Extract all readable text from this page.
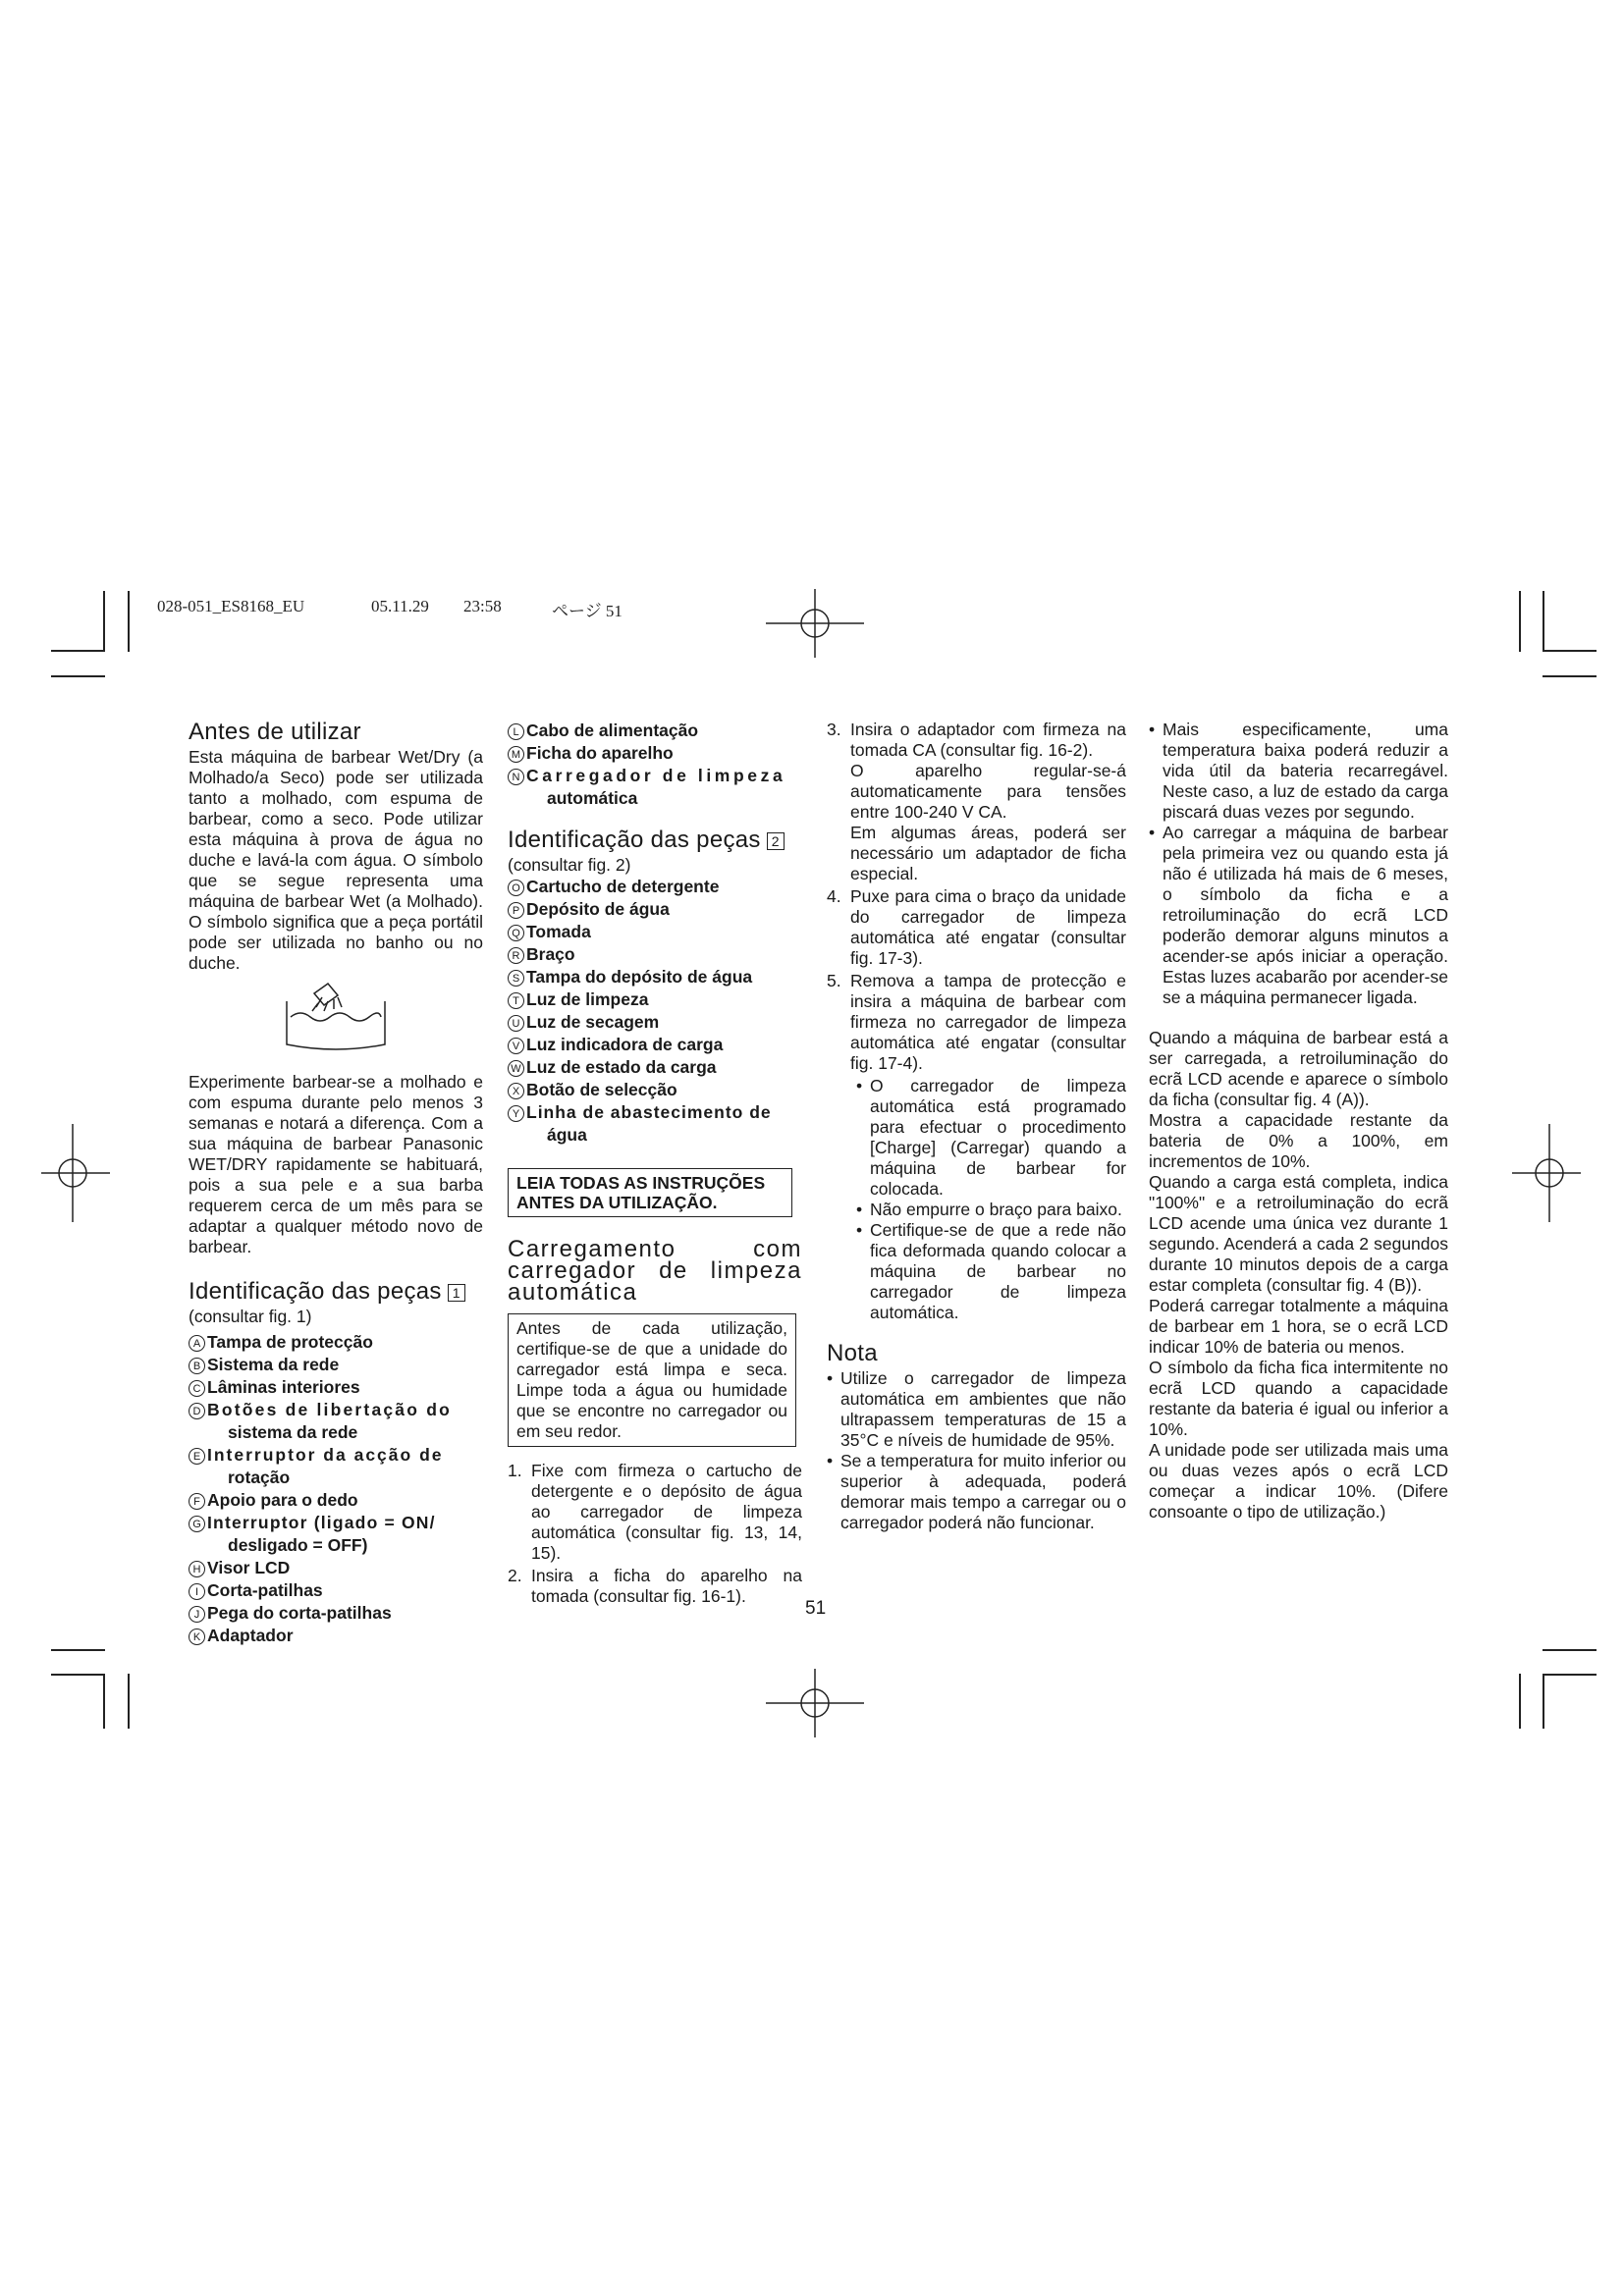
028-051_ES8168_EU	05.11.29 23:58	ページ 51
Antes de utilizar

Esta máquina de barbear Wet/Dry (a Molhado/a Seco) pode ser utilizada tanto a molhado, com espuma de barbear, como a seco. Pode utilizar esta máquina à prova de água no duche e lavá-la com água. O símbolo que se segue representa uma máquina de barbear Wet (a Molhado). O símbolo significa que a peça portátil pode ser utilizada no banho ou no duche.

Experimente barbear-se a molhado e com espuma durante pelo menos 3 semanas e notará a diferença. Com a sua máquina de barbear Panasonic WET/DRY rapidamente se habituará, pois a sua pele e a sua barba requerem cerca de um mês para se adaptar a qualquer método novo de barbear.

Identificação das peças 1

(consultar fig. 1)

A Tampa de protecção
B Sistema da rede
C Lâminas interiores
D Botões de libertação do
sistema da rede
E Interruptor da acção de
rotação
F Apoio para o dedo
G Interruptor (ligado = ON/
desligado = OFF)
H Visor LCD
I Corta-patilhas
J Pega do corta-patilhas
K Adaptador
L Cabo de alimentação
M Ficha do aparelho
N Carregador de limpeza
automática
Identificação das peças 2

(consultar fig. 2)

O Cartucho de detergente
P Depósito de água
Q Tomada
R Braço
S Tampa do depósito de água
T Luz de limpeza
U Luz de secagem
V Luz indicadora de carga
W Luz de estado da carga
X Botão de selecção
Y Linha de abastecimento de
água
LEIA TODAS AS INSTRUÇÕES ANTES DA UTILIZAÇÃO.
Carregamento com carregador de limpeza automática
Antes de cada utilização, certifique-se de que a unidade do carregador está limpa e seca. Limpe toda a água ou humidade que se encontre no carregador ou em seu redor.
1. Fixe com firmeza o cartucho de detergente e o depósito de água ao carregador de limpeza automática (consultar fig. 13, 14, 15).
2. Insira a ficha do aparelho na tomada (consultar fig. 16-1).
51
3. Insira o adaptador com firmeza na tomada CA (consultar fig. 16-2).
O aparelho regular-se-á automaticamente para tensões entre 100-240 V CA.
Em algumas áreas, poderá ser necessário um adaptador de ficha especial.
4. Puxe para cima o braço da unidade do carregador de limpeza automática até engatar (consultar fig. 17-3).
5. Remova a tampa de protecção e insira a máquina de barbear com firmeza no carregador de limpeza automática até engatar (consultar fig. 17-4).
• O carregador de limpeza automática está programado para efectuar o procedimento [Charge] (Carregar) quando a máquina de barbear for colocada.
• Não empurre o braço para baixo.
• Certifique-se de que a rede não fica deformada quando colocar a máquina de barbear no carregador de limpeza automática.
Nota
• Utilize o carregador de limpeza automática em ambientes que não ultrapassem temperaturas de 15 a 35°C e níveis de humidade de 95%.
• Se a temperatura for muito inferior ou superior à adequada, poderá demorar mais tempo a carregar ou o carregador poderá não funcionar.
• Mais especificamente, uma temperatura baixa poderá reduzir a vida útil da bateria recarregável. Neste caso, a luz de estado da carga piscará duas vezes por segundo.
• Ao carregar a máquina de barbear pela primeira vez ou quando esta já não é utilizada há mais de 6 meses, o símbolo da ficha e a retroiluminação do ecrã LCD poderão demorar alguns minutos a acender-se após iniciar a operação. Estas luzes acabarão por acender-se se a máquina permanecer ligada.

Quando a máquina de barbear está a ser carregada, a retroiluminação do ecrã LCD acende e aparece o símbolo da ficha (consultar fig. 4 (A)).

Mostra a capacidade restante da bateria de 0% a 100%, em incrementos de 10%.

Quando a carga está completa, indica "100%" e a retroiluminação do ecrã LCD acende uma única vez durante 1 segundo. Acenderá a cada 2 segundos durante 10 minutos depois de a carga estar completa (consultar fig. 4 (B)).

Poderá carregar totalmente a máquina de barbear em 1 hora, se o ecrã LCD indicar 10% de bateria ou menos.

O símbolo da ficha fica intermitente no ecrã LCD quando a capacidade restante da bateria é igual ou inferior a 10%.

A unidade pode ser utilizada mais uma ou duas vezes após o ecrã LCD começar a indicar 10%. (Difere consoante o tipo de utilização.)
